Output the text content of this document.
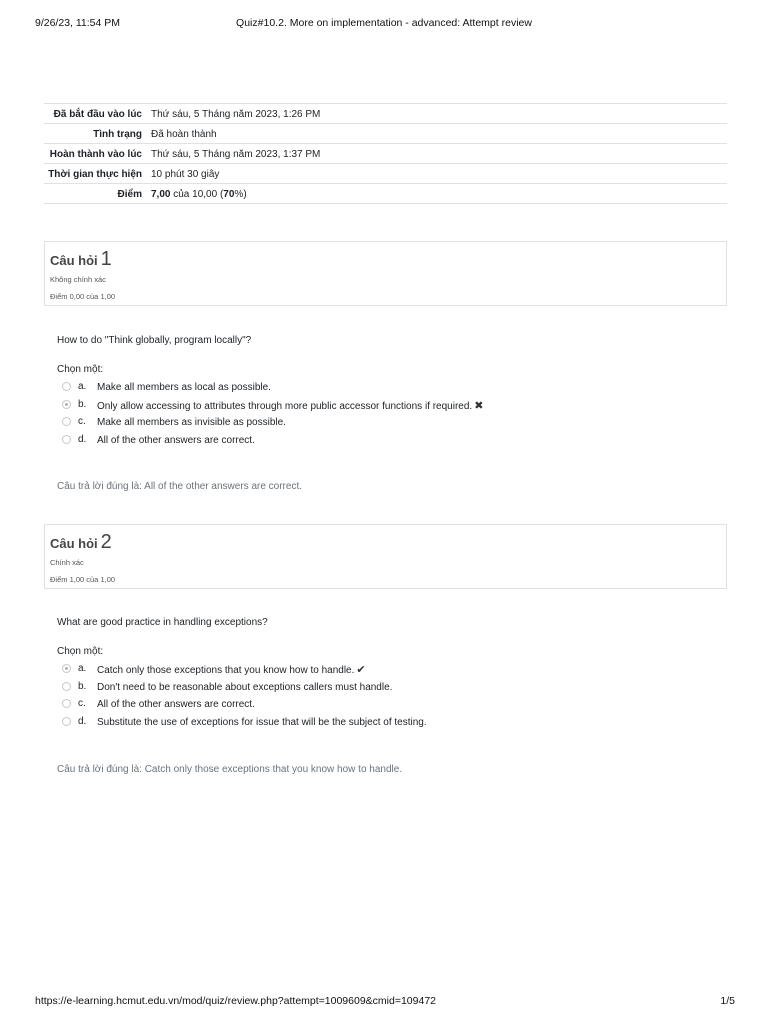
9/26/23, 11:54 PM	Quiz#10.2. More on implementation - advanced: Attempt review
Đã bắt đầu vào lúc	Thứ sáu, 5 Tháng năm 2023, 1:26 PM
Tình trạng	Đã hoàn thành
Hoàn thành vào lúc	Thứ sáu, 5 Tháng năm 2023, 1:37 PM
Thời gian thực hiện	10 phút 30 giây
Điểm	7,00 của 10,00 (70%)
Câu hỏi 1
Không chính xác
Điểm 0,00 của 1,00
How to do "Think globally, program locally"?
Chọn một:
a. Make all members as local as possible.
b. Only allow accessing to attributes through more public accessor functions if required. ✖
c. Make all members as invisible as possible.
d. All of the other answers are correct.
Câu trả lời đúng là: All of the other answers are correct.
Câu hỏi 2
Chính xác
Điểm 1,00 của 1,00
What are good practice in handling exceptions?
Chọn một:
a. Catch only those exceptions that you know how to handle. ✔
b. Don't need to be reasonable about exceptions callers must handle.
c. All of the other answers are correct.
d. Substitute the use of exceptions for issue that will be the subject of testing.
Câu trả lời đúng là: Catch only those exceptions that you know how to handle.
https://e-learning.hcmut.edu.vn/mod/quiz/review.php?attempt=1009609&cmid=109472	1/5
